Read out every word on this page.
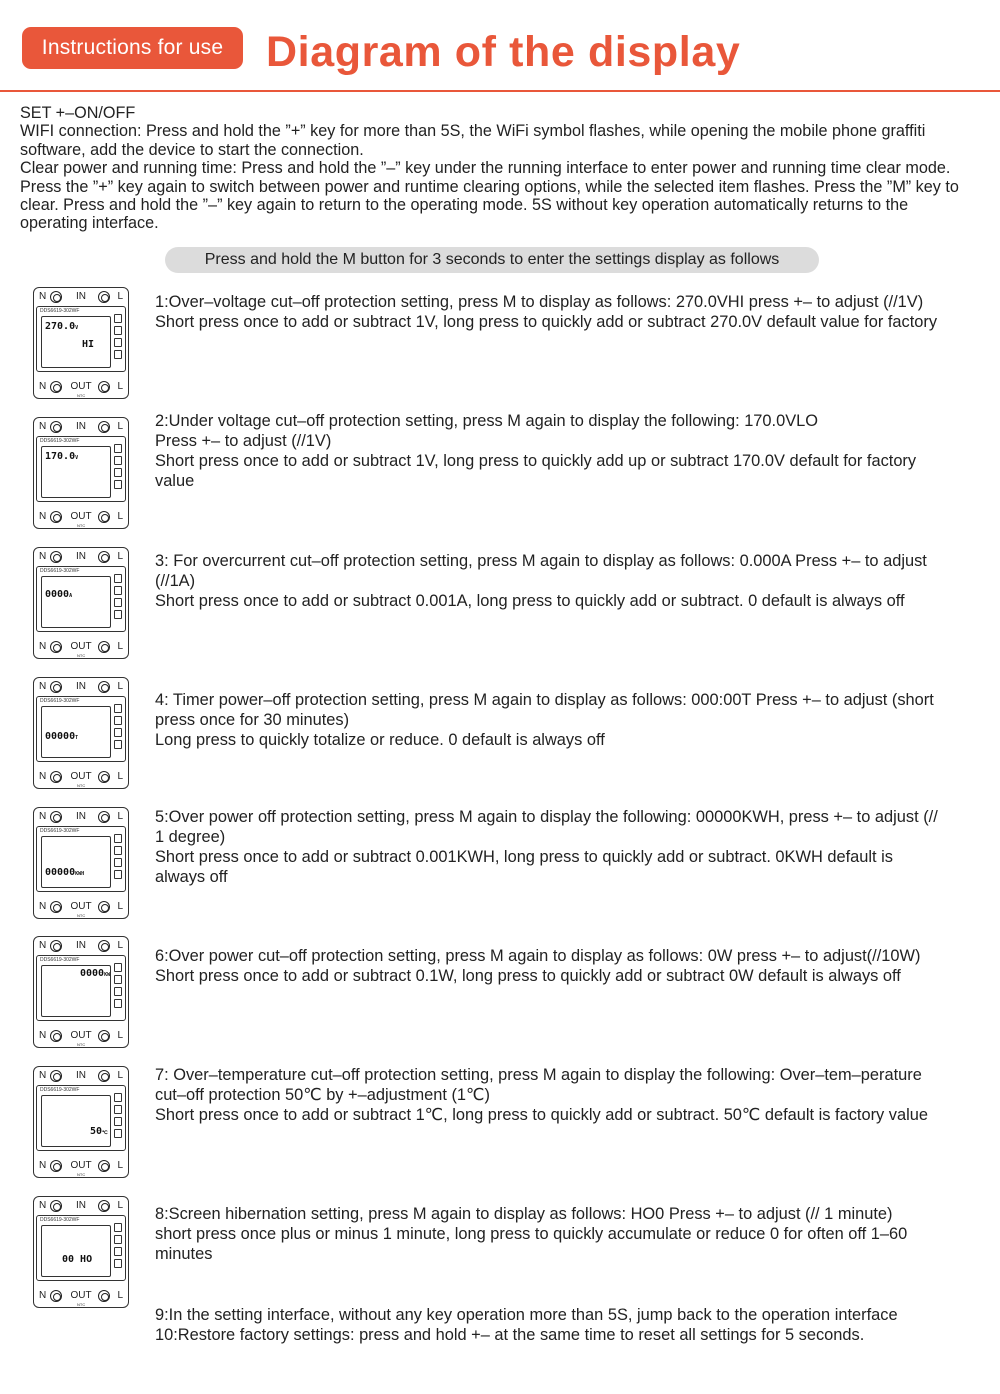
Instructions for use Diagram of the display

SET +–ON/OFF

WIFI connection: Press and hold the ”+” key for more than 5S, the WiFi symbol flashes, while opening the mobile phone graffiti software, add the device to start the connection.

Clear power and running time: Press and hold the ”–” key under the running interface to enter power and running time clear mode. Press the ”+” key again to switch between power and runtime clearing options, while the selected item flashes. Press the ”M” key to clear. Press and hold the ”–” key again to return to the operating mode. 5S without key operation automatically returns to the operating interface.

Press and hold the M button for 3 seconds to enter the settings display as follows
N	IN	L
DDS6619-302WF
270.0V
HI
N OUT	L
NTC

1:Over–voltage cut–off protection setting, press M to display as follows: 270.0VHI press +– to adjust (//1V)

Short press once to add or subtract 1V, long press to quickly add or subtract 270.0V default value for factory

N	IN	L
DDS6619-302WF
170.0V
N OUT	L
NTC

2:Under voltage cut–off protection setting, press M again to display the following: 170.0VLO

Press +– to adjust (//1V)

Short press once to add or subtract 1V, long press to quickly add up or subtract 170.0V default for factory value

N	IN	L
DDS6619-302WF
0000A
N OUT	L
NTC

3: For overcurrent cut–off protection setting, press M again to display as follows: 0.000A Press +– to adjust (//1A)

Short press once to add or subtract 0.001A, long press to quickly add or subtract. 0 default is always off

N	IN	L
DDS6619-302WF
00000T
N OUT	L
NTC

4: Timer power–off protection setting, press M again to display as follows: 000:00T Press +– to adjust (short press once for 30 minutes)

Long press to quickly totalize or reduce. 0 default is always off

N	IN	L
DDS6619-302WF
00000KWH
N OUT	L
NTC

5:Over power off protection setting, press M again to display the following: 00000KWH, press +– to adjust (// 1 degree)

Short press once to add or subtract 0.001KWH, long press to quickly add or subtract. 0KWH default is always off

N	IN	L
DDS6619-302WF
0000KW
N OUT	L
NTC

6:Over power cut–off protection setting, press M again to display as follows: 0W press +– to adjust(//10W)

Short press once to add or subtract 0.1W, long press to quickly add or subtract 0W default is always off

N	IN	L
DDS6619-302WF
50℃
N OUT	L
NTC

7: Over–temperature cut–off protection setting, press M again to display the following: Over–tem–perature cut–off protection 50℃ by +–adjustment (1℃)

Short press once to add or subtract 1℃, long press to quickly add or subtract. 50℃ default is factory value

N	IN	L
DDS6619-302WF
00 HO
N OUT	L
NTC

8:Screen hibernation setting, press M again to display as follows: HO0 Press +– to adjust (// 1 minute)

short press once plus or minus 1 minute, long press to quickly accumulate or reduce 0 for often off 1–60 minutes

9:In the setting interface, without any key operation more than 5S, jump back to the operation interface

10:Restore factory settings: press and hold +– at the same time to reset all settings for 5 seconds.
